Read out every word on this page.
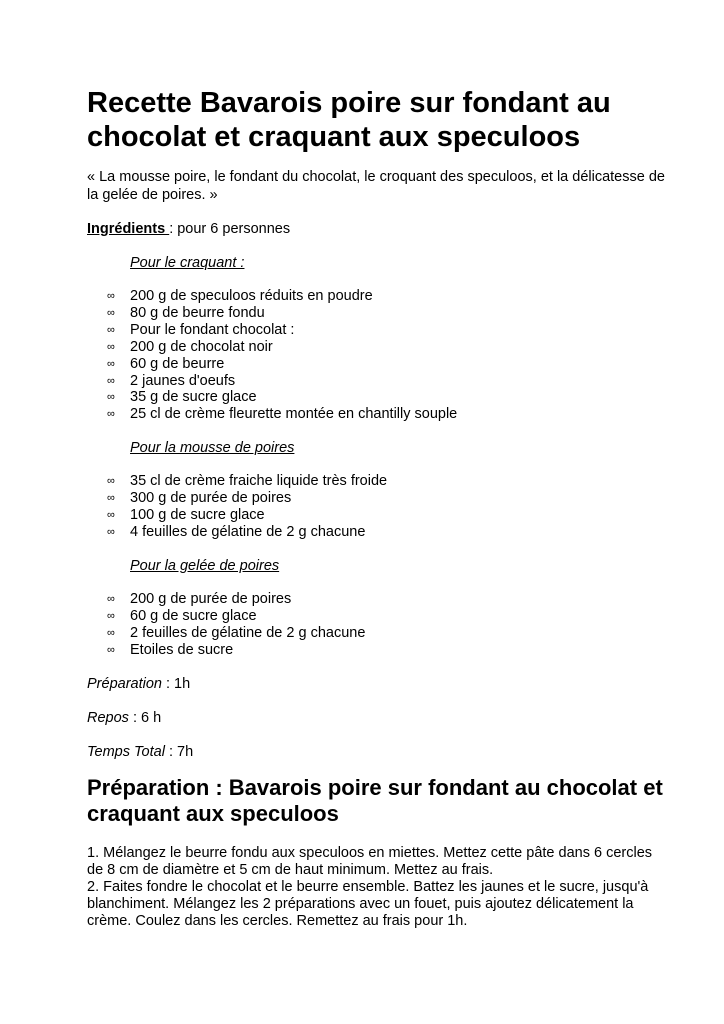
Recette Bavarois poire sur fondant au chocolat et craquant aux speculoos

« La mousse poire, le fondant du chocolat, le croquant des speculoos, et la délicatesse de la gelée de poires. »

Ingrédients : pour 6 personnes

Pour le craquant :

∞ 200 g de speculoos réduits en poudre
∞ 80 g de beurre fondu
∞ Pour le fondant chocolat :
∞ 200 g de chocolat noir
∞ 60 g de beurre
∞ 2 jaunes d'oeufs
∞ 35 g de sucre glace
∞ 25 cl de crème fleurette montée en chantilly souple

Pour la mousse de poires

∞ 35 cl de crème fraiche liquide très froide
∞ 300 g de purée de poires
∞ 100 g de sucre glace
∞ 4 feuilles de gélatine de 2 g chacune

Pour la gelée de poires

∞ 200 g de purée de poires
∞ 60 g de sucre glace
∞ 2 feuilles de gélatine de 2 g chacune
∞ Etoiles de sucre

Préparation : 1h

Repos : 6 h

Temps Total : 7h

Préparation : Bavarois poire sur fondant au chocolat et craquant aux speculoos
1. Mélangez le beurre fondu aux speculoos en miettes. Mettez cette pâte dans 6 cercles de 8 cm de diamètre et 5 cm de haut minimum. Mettez au frais.
2. Faites fondre le chocolat et le beurre ensemble. Battez les jaunes et le sucre, jusqu'à blanchiment. Mélangez les 2 préparations avec un fouet, puis ajoutez délicatement la crème. Coulez dans les cercles. Remettez au frais pour 1h.
